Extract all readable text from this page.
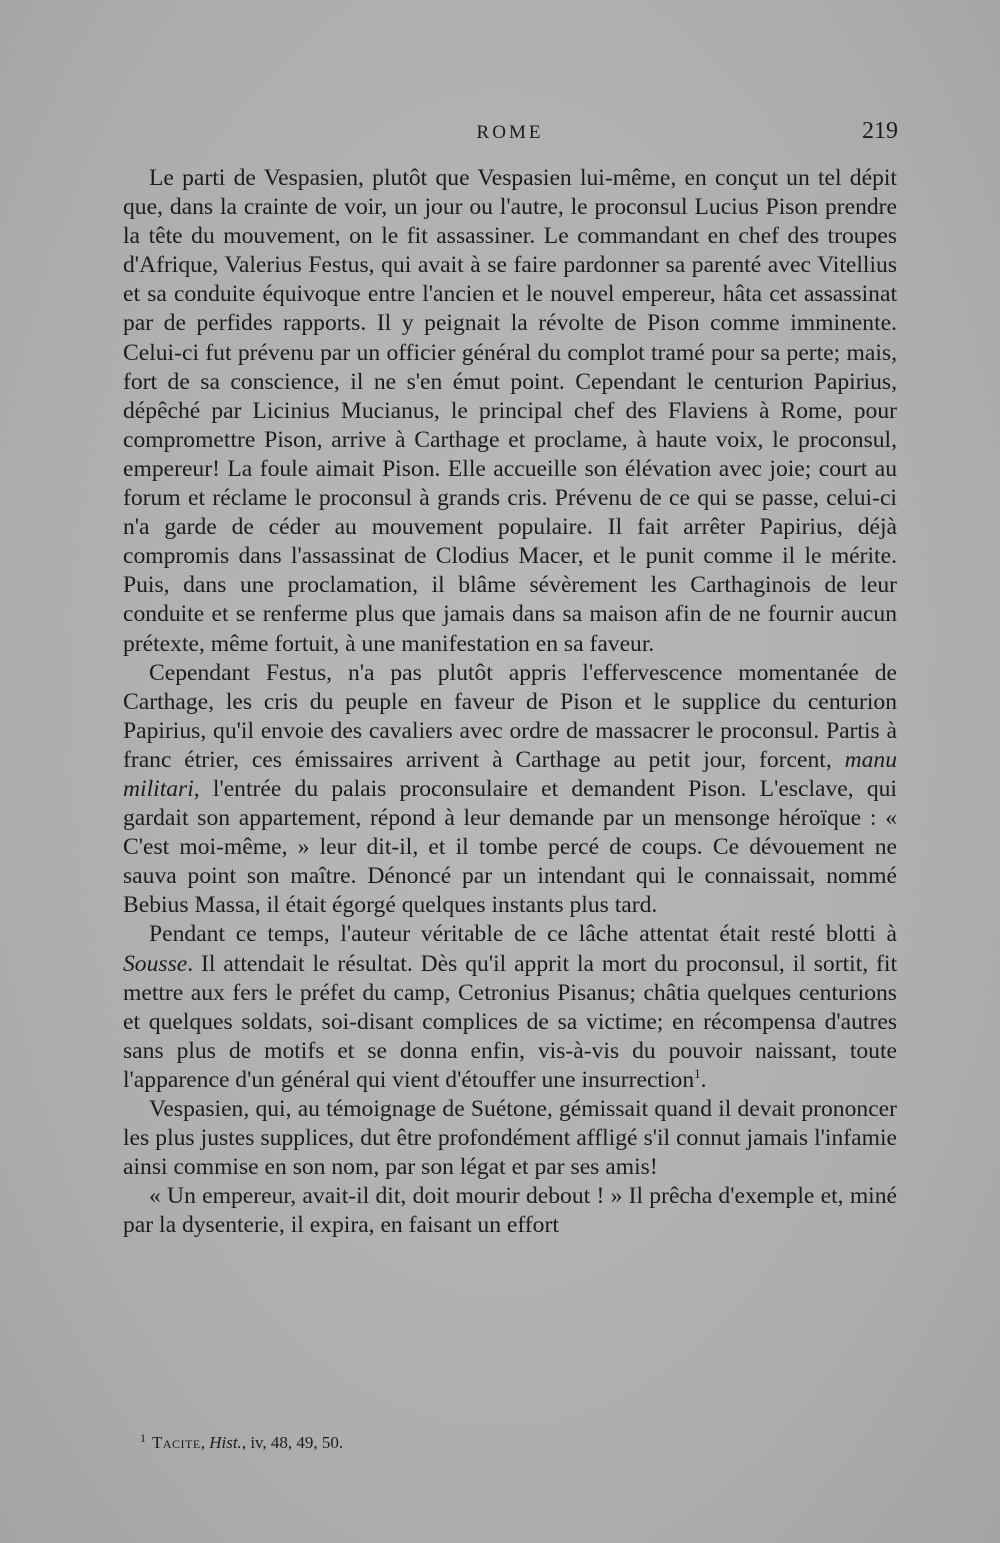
ROME	219

Le parti de Vespasien, plutôt que Vespasien lui-même, en conçut un tel dépit que, dans la crainte de voir, un jour ou l'autre, le proconsul Lucius Pison prendre la tête du mouvement, on le fit assassiner. Le commandant en chef des troupes d'Afrique, Valerius Festus, qui avait à se faire pardonner sa parenté avec Vitellius et sa conduite équivoque entre l'ancien et le nouvel empereur, hâta cet assassinat par de perfides rapports. Il y peignait la révolte de Pison comme imminente. Celui-ci fut prévenu par un officier général du complot tramé pour sa perte; mais, fort de sa conscience, il ne s'en émut point. Cependant le centurion Papirius, dépêché par Licinius Mucianus, le principal chef des Flaviens à Rome, pour compromettre Pison, arrive à Carthage et proclame, à haute voix, le proconsul, empereur! La foule aimait Pison. Elle accueille son élévation avec joie; court au forum et réclame le proconsul à grands cris. Prévenu de ce qui se passe, celui-ci n'a garde de céder au mouvement populaire. Il fait arrêter Papirius, déjà compromis dans l'assassinat de Clodius Macer, et le punit comme il le mérite. Puis, dans une proclamation, il blâme sévèrement les Carthaginois de leur conduite et se renferme plus que jamais dans sa maison afin de ne fournir aucun prétexte, même fortuit, à une manifestation en sa faveur.

Cependant Festus, n'a pas plutôt appris l'effervescence momentanée de Carthage, les cris du peuple en faveur de Pison et le supplice du centurion Papirius, qu'il envoie des cavaliers avec ordre de massacrer le proconsul. Partis à franc étrier, ces émissaires arrivent à Carthage au petit jour, forcent, manu militari, l'entrée du palais proconsulaire et demandent Pison. L'esclave, qui gardait son appartement, répond à leur demande par un mensonge héroïque : « C'est moi-même, » leur dit-il, et il tombe percé de coups. Ce dévouement ne sauva point son maître. Dénoncé par un intendant qui le connaissait, nommé Bebius Massa, il était égorgé quelques instants plus tard.

Pendant ce temps, l'auteur véritable de ce lâche attentat était resté blotti à Sousse. Il attendait le résultat. Dès qu'il apprit la mort du proconsul, il sortit, fit mettre aux fers le préfet du camp, Cetronius Pisanus; châtia quelques centurions et quelques soldats, soi-disant complices de sa victime; en récompensa d'autres sans plus de motifs et se donna enfin, vis-à-vis du pouvoir naissant, toute l'apparence d'un général qui vient d'étouffer une insurrection$^1$.

Vespasien, qui, au témoignage de Suétone, gémissait quand il devait prononcer les plus justes supplices, dut être profondément affligé s'il connut jamais l'infamie ainsi commise en son nom, par son légat et par ses amis!

« Un empereur, avait-il dit, doit mourir debout ! » Il prêcha d'exemple et, miné par la dysenterie, il expira, en faisant un effort

$^1$ Tacite, Hist., iv, 48, 49, 50.
